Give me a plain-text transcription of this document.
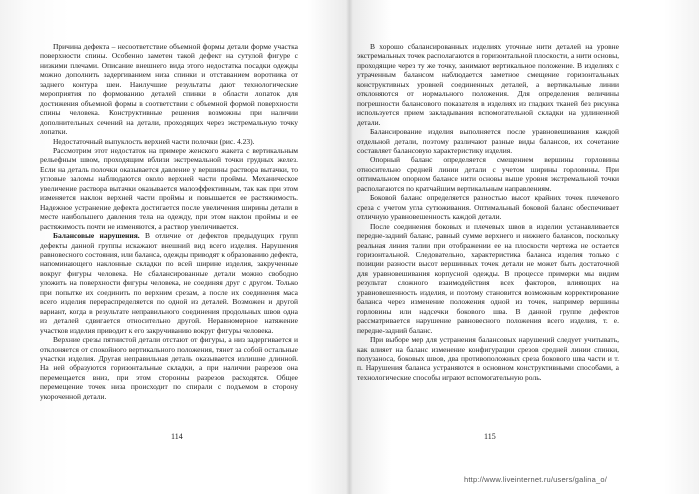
Причина дефекта – несоответствие объемной формы детали форме участка поверхности спины. Особенно заметен такой дефект на сутулой фигуре с низкими плечами. Описание внешнего вида этого недостатка посадки одежды можно дополнить задергиванием низа спинки и отставанием воротника от заднего контура шеи. Наилучшие результаты дают технологические мероприятия по формованию деталей спинки в области лопаток для достижения объемной формы в соответствии с объемной формой поверхности спины человека. Конструктивные решения возможны при наличии дополнительных сечений на детали, проходящих через экстремальную точку лопатки.

Недостаточный выпуклость верхней части полочки (рис. 4.23).

Рассмотрим этот недостаток на примере женского жакета с вертикальным рельефным швом, проходящим вблизи экстремальной точки грудных желез. Если на деталь полочки оказывается давление у вершины раствора вытачки, то угловые заломы наблюдаются около верхней части проймы. Механическое увеличение раствора вытачки оказывается малоэффективным, так как при этом изменяется наклон верхней части проймы и повышается ее растяжимость. Надежное устранение дефекта достигается после увеличения ширины детали в месте наибольшего давления тела на одежду, при этом наклон проймы и ее растяжимость почти не изменяются, а раствор увеличивается.

Балансовые нарушения. В отличие от дефектов предыдущих групп дефекты данной группы искажают внешний вид всего изделия. Нарушения равновесного состояния, или баланса, одежды приводят к образованию дефекта, напоминающего наклонные складки по всей ширине изделия, закрученные вокруг фигуры человека. Не сбалансированные детали можно свободно уложить на поверхности фигуры человека, не соединяя друг с другом. Только при попытке их соединить по верхним срезам, а после их соединения маса всего изделия перераспределяется по одной из деталей. Возможен и другой вариант, когда в результате неправильного соединения продольных швов одна из деталей сдвигается относительно другой. Неравномерное натяжение участков изделия приводит к его закручиванию вокруг фигуры человека.

Верхние срезы пятнистой детали отстают от фигуры, а низ задергивается и отклоняется от спокойного вертикального положения, тянет за собой остальные участки изделия. Другая неправильная деталь оказывается излишне длинной. На ней образуются горизонтальные складки, а при наличии разрезов она перемещается вниз, при этом сторонны разрезов расходятся. Общее перемещение точек низа происходит по спирали с подъемом в сторону укороченной детали.

114

В хорошо сбалансированных изделиях уточные нити деталей на уровне экстремальных точек располагаются в горизонтальной плоскости, а нити основы, проходящие через ту же точку, занимают вертикальное положение. В изделиях с утраченным балансом наблюдается заметное смещение горизонтальных конструктивных уровней соединенных деталей, а вертикальные линии отклоняются от нормального положения. Для определения величины погрешности балансового показателя в изделиях из гладких тканей без рисунка используется прием закладывания вспомогательной складки на удлиненной детали.

Балансирование изделия выполняется после уравновешивания каждой отдельной детали, поэтому различают разные виды балансов, их сочетание составляет балансовую характеристику изделия.

Опорный баланс определяется смещением вершины горловины относительно средней линии детали с учетом ширины горловины. При оптимальном опорном балансе нити основы выше уровня экстремальной точки располагаются по кратчайшим вертикальным направлениям.

Боковой баланс определяется разностью высот крайних точек плечевого среза с учетом угла сутюживания. Оптимальный боковой баланс обеспечивает отличную уравновешенность каждой детали.

После соединения боковых и плечевых швов в изделии устанавливается передне-задний баланс, равный сумме верхнего и нижнего балансов, поскольку реальная линия талии при отображении ее на плоскости чертежа не остается горизонтальной. Следовательно, характеристика баланса изделия только с позиции разности высот вершинных точек детали не может быть достаточной для уравновешивания корпусной одежды. В процессе примерки мы видим результат сложного взаимодействия всех факторов, влияющих на уравновешенность изделия, и поэтому становится возможным корректирование баланса через изменение положения одной из точек, например вершины горловины или надсечки бокового шва. В данной группе дефектов рассматривается нарушение равновесного положения всего изделия, т. е. передне-задний баланс.

При выборе мер для устранения балансовых нарушений следует учитывать, как влияет на баланс изменение конфигурации срезов средней линии спинки, полузаноса, боковых швов, два противоположных среза бокового шва части и т. п. Нарушения баланса устраняются в основном конструктивными способами, а технологические способы играют вспомогательную роль.

115
http://www.liveinternet.ru/users/galina_o/
